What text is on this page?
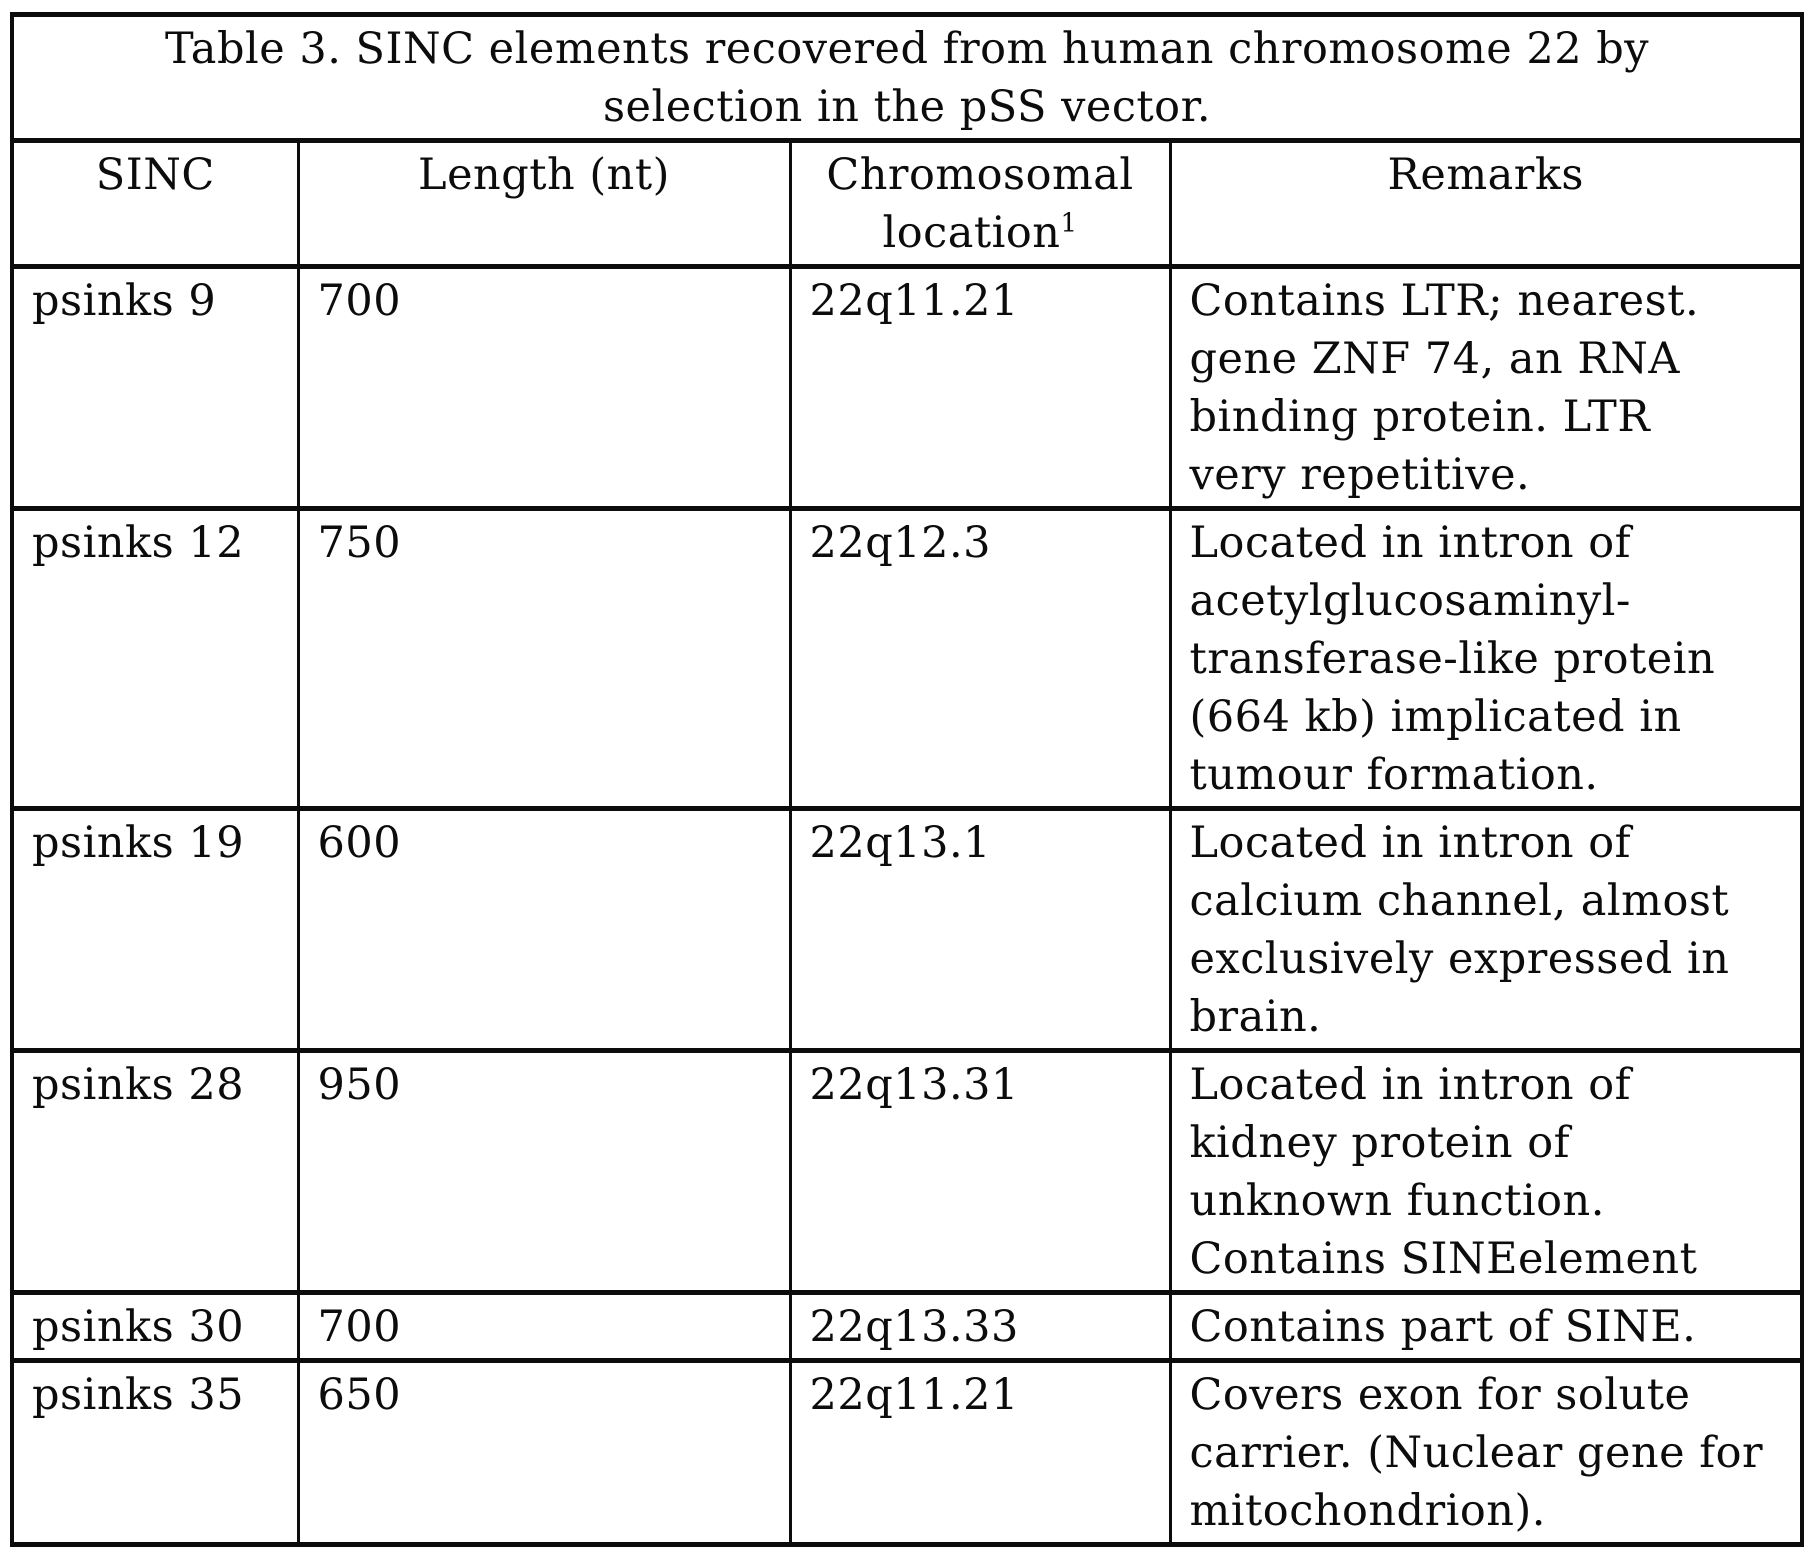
Table 3. SINC elements recovered from human chromosome 22 by
selection in the pSS vector.			
SINC	Length (nt)	Chromosomal location$^1$	Remarks
psinks 9	700	22q11.21	Contains LTR; nearest.
gene ZNF 74, an RNA
binding protein. LTR
very repetitive.
psinks 12	750	22q12.3	Located in intron of
acetylglucosaminyl-
transferase-like protein
(664 kb) implicated in
tumour formation.
psinks 19	600	22q13.1	Located in intron of
calcium channel, almost
exclusively expressed in
brain.
psinks 28	950	22q13.31	Located in intron of
kidney protein of
unknown function.
Contains SINEelement
psinks 30	700	22q13.33	Contains part of SINE.
psinks 35	650	22q11.21	Covers exon for solute
carrier. (Nuclear gene for
mitochondrion).
